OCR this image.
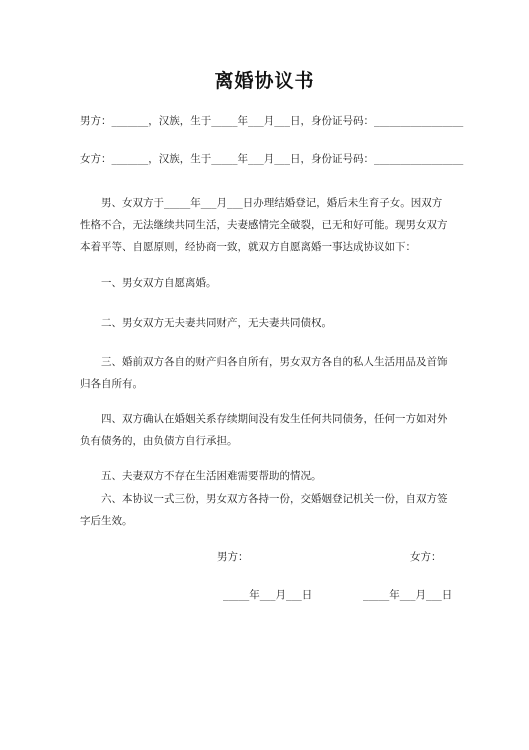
离婚协议书
男方：_______，汉族，生于_____年___月___日，身份证号码：_________________
女方：_______，汉族，生于_____年___月___日，身份证号码：_________________
男、女双方于_____年___月___日办理结婚登记，婚后未生育子女。因双方性格不合，无法继续共同生活，夫妻感情完全破裂，已无和好可能。现男女双方本着平等、自愿原则，经协商一致，就双方自愿离婚一事达成协议如下：
一、男女双方自愿离婚。
二、男女双方无夫妻共同财产，无夫妻共同债权。
三、婚前双方各自的财产归各自所有，男女双方各自的私人生活用品及首饰归各自所有。
四、双方确认在婚姻关系存续期间没有发生任何共同债务，任何一方如对外负有债务的，由负债方自行承担。
五、夫妻双方不存在生活困难需要帮助的情况。
六、本协议一式三份，男女双方各持一份，交婚姻登记机关一份，自双方签字后生效。
男方：	女方：
_____年___月___日	_____年___月___日
